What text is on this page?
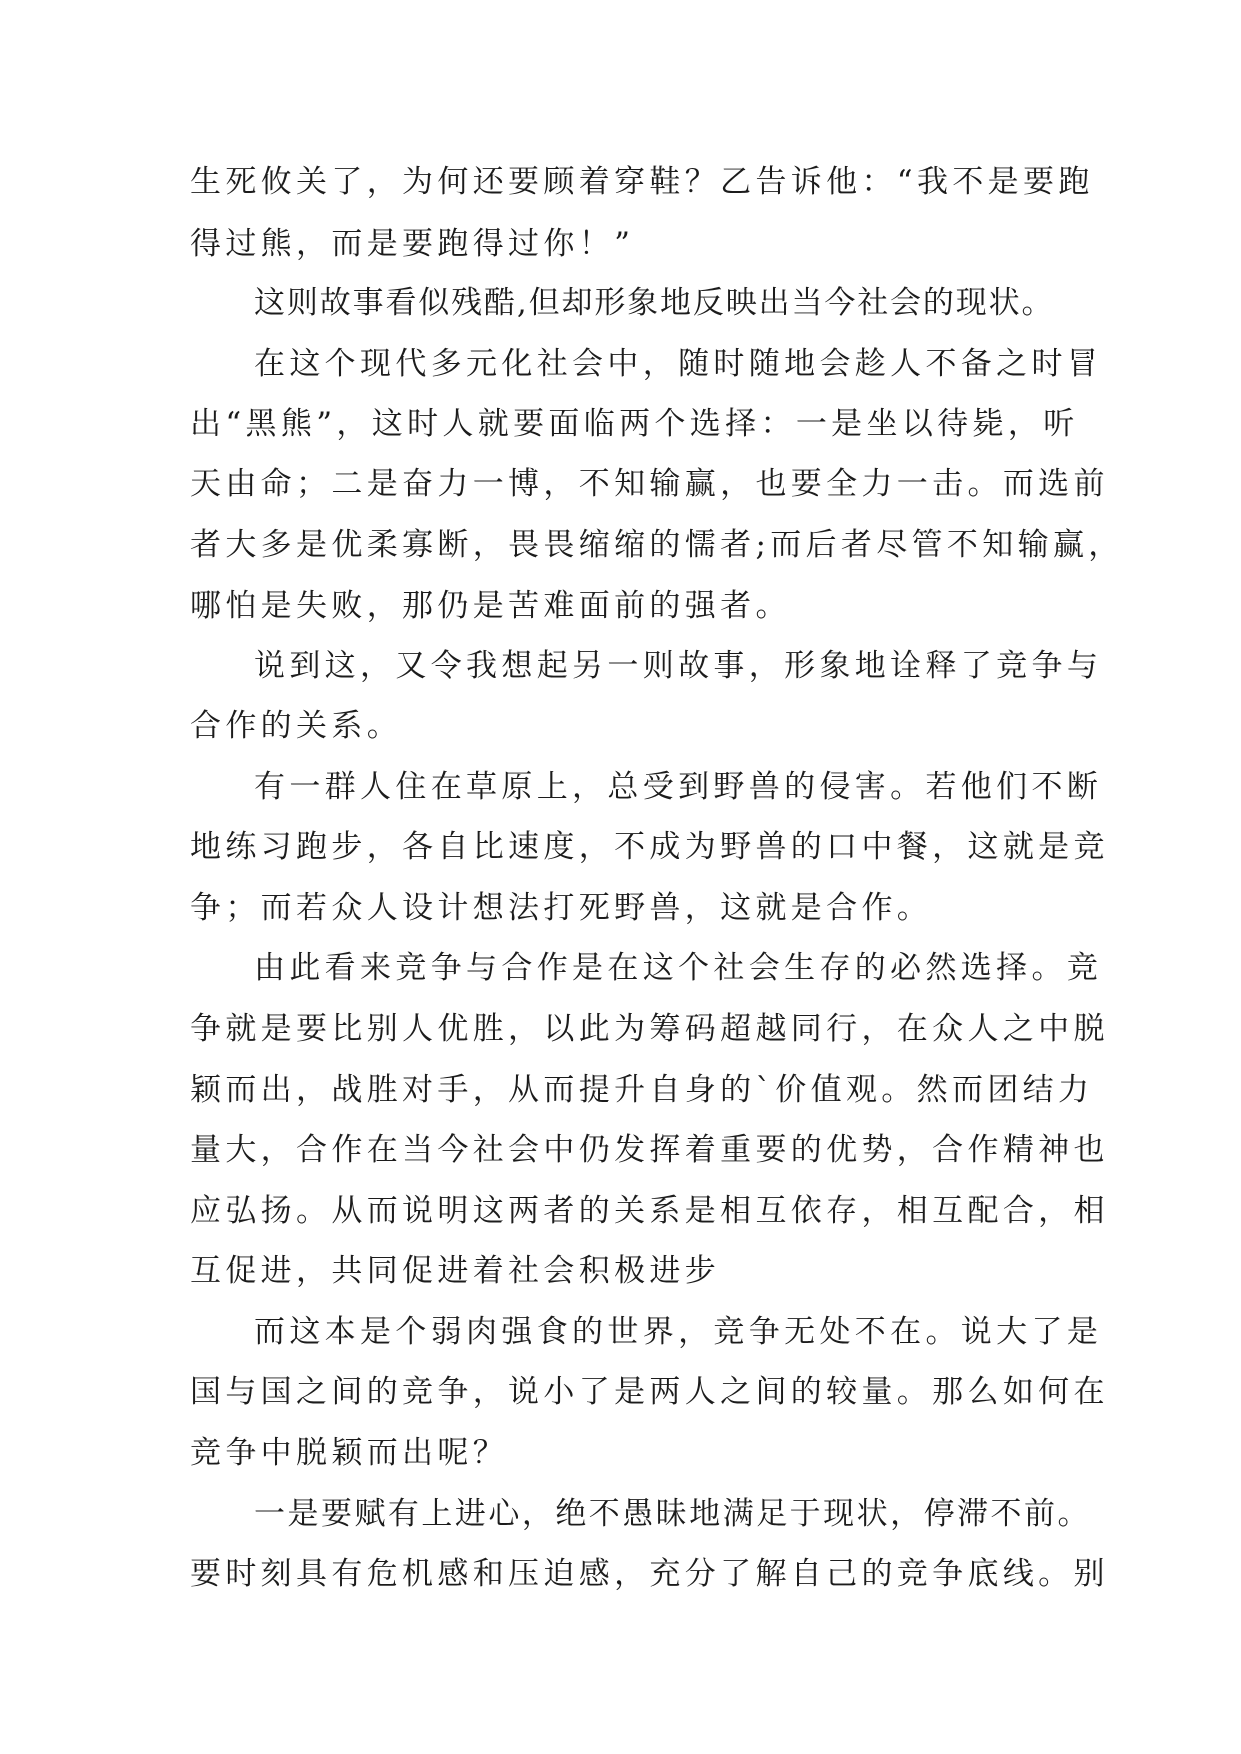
生死攸关了，为何还要顾着穿鞋？乙告诉他：“我不是要跑
得过熊，而是要跑得过你！”
这则故事看似残酷,但却形象地反映出当今社会的现状。
在这个现代多元化社会中，随时随地会趁人不备之时冒
出“黑熊”，这时人就要面临两个选择：一是坐以待毙，听
天由命；二是奋力一博，不知输赢，也要全力一击。而选前
者大多是优柔寡断，畏畏缩缩的懦者;而后者尽管不知输赢，
哪怕是失败，那仍是苦难面前的强者。
说到这，又令我想起另一则故事，形象地诠释了竞争与
合作的关系。
有一群人住在草原上，总受到野兽的侵害。若他们不断
地练习跑步，各自比速度，不成为野兽的口中餐，这就是竞
争；而若众人设计想法打死野兽，这就是合作。
由此看来竞争与合作是在这个社会生存的必然选择。竞
争就是要比别人优胜，以此为筹码超越同行，在众人之中脱
颖而出，战胜对手，从而提升自身的`价值观。然而团结力
量大，合作在当今社会中仍发挥着重要的优势，合作精神也
应弘扬。从而说明这两者的关系是相互依存，相互配合，相
互促进，共同促进着社会积极进步
而这本是个弱肉强食的世界，竞争无处不在。说大了是
国与国之间的竞争，说小了是两人之间的较量。那么如何在
竞争中脱颖而出呢？
一是要赋有上进心，绝不愚昧地满足于现状，停滞不前。
要时刻具有危机感和压迫感，充分了解自己的竞争底线。别
